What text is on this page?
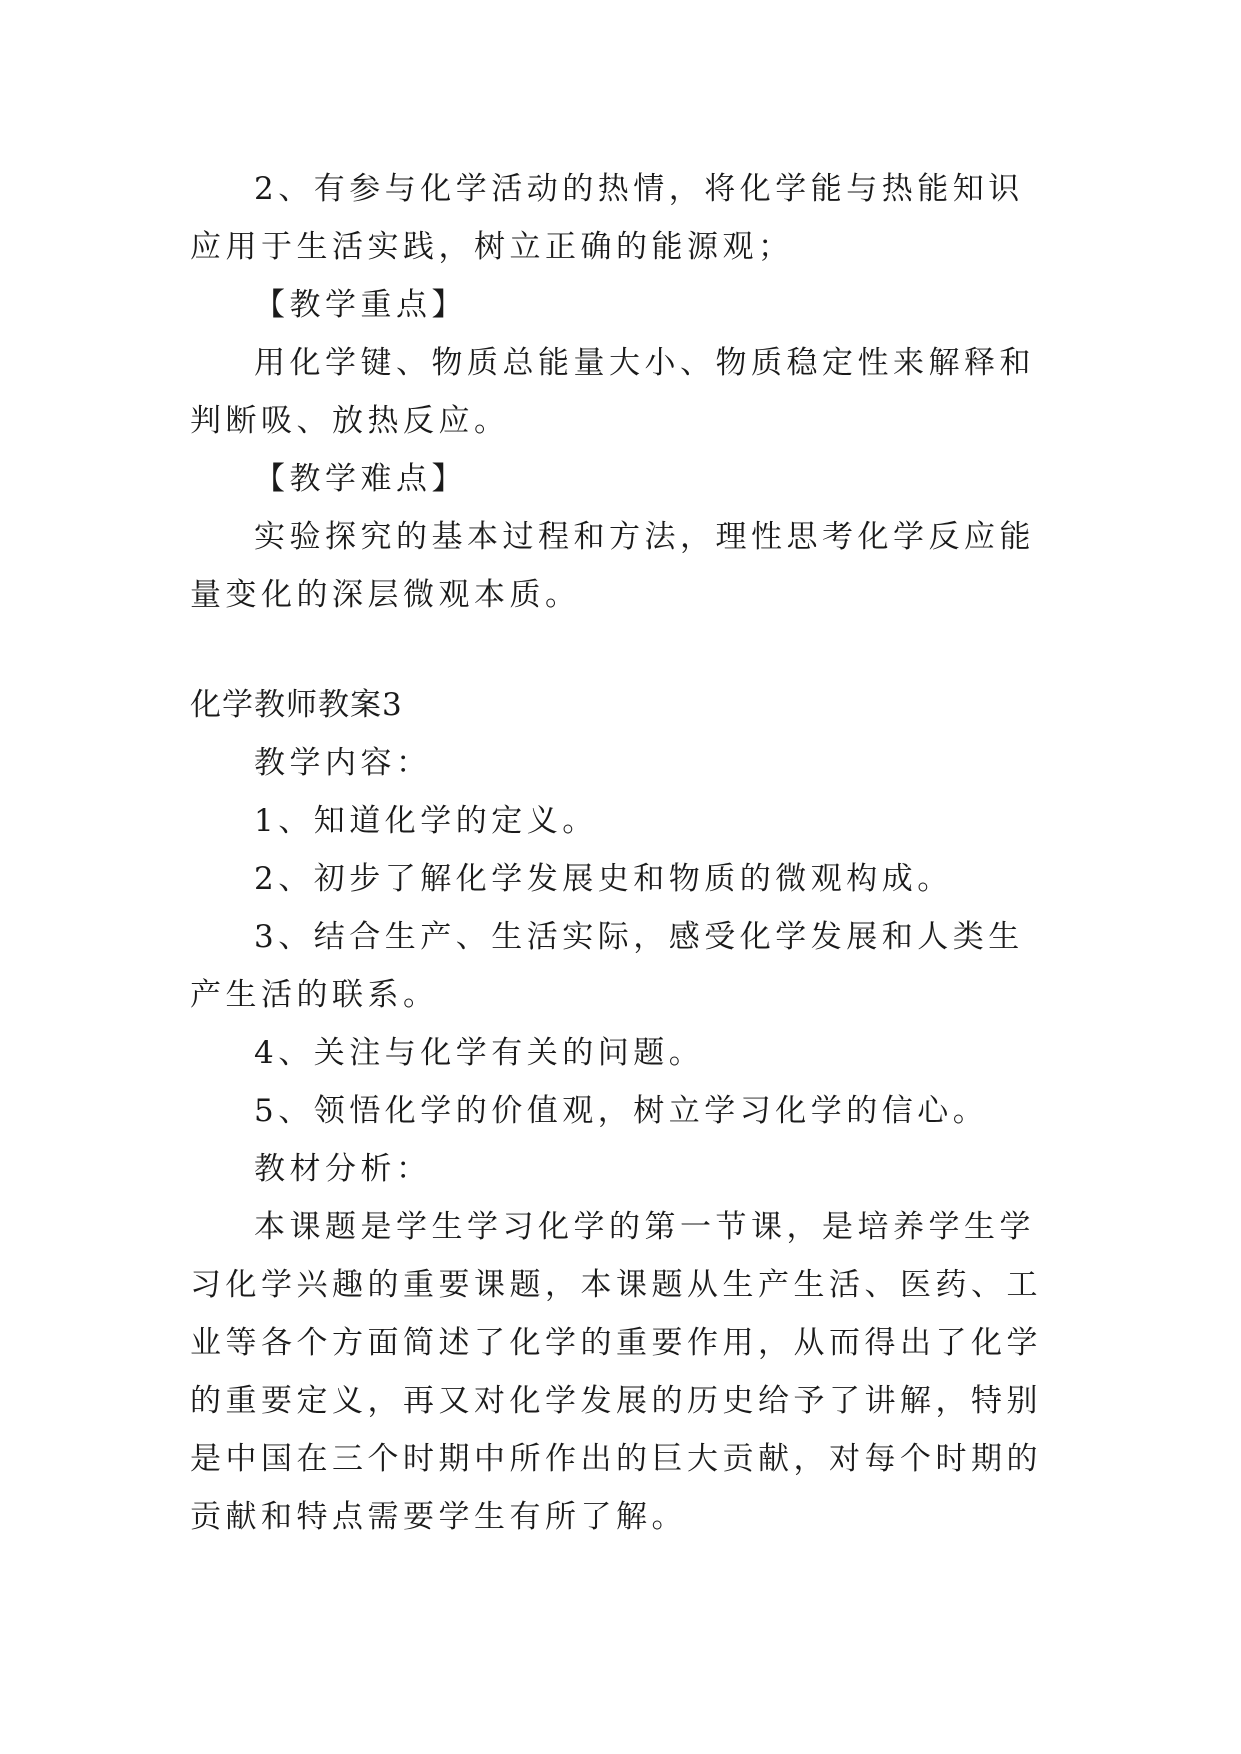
2、有参与化学活动的热情，将化学能与热能知识应用于生活实践，树立正确的能源观；

【教学重点】

用化学键、物质总能量大小、物质稳定性来解释和判断吸、放热反应。

【教学难点】

实验探究的基本过程和方法，理性思考化学反应能量变化的深层微观本质。

化学教师教案3

教学内容：

1、知道化学的定义。

2、初步了解化学发展史和物质的微观构成。

3、结合生产、生活实际，感受化学发展和人类生产生活的联系。

4、关注与化学有关的问题。

5、领悟化学的价值观，树立学习化学的信心。

教材分析：

本课题是学生学习化学的第一节课，是培养学生学习化学兴趣的重要课题，本课题从生产生活、医药、工业等各个方面简述了化学的重要作用，从而得出了化学的重要定义，再又对化学发展的历史给予了讲解，特别是中国在三个时期中所作出的巨大贡献，对每个时期的贡献和特点需要学生有所了解。
